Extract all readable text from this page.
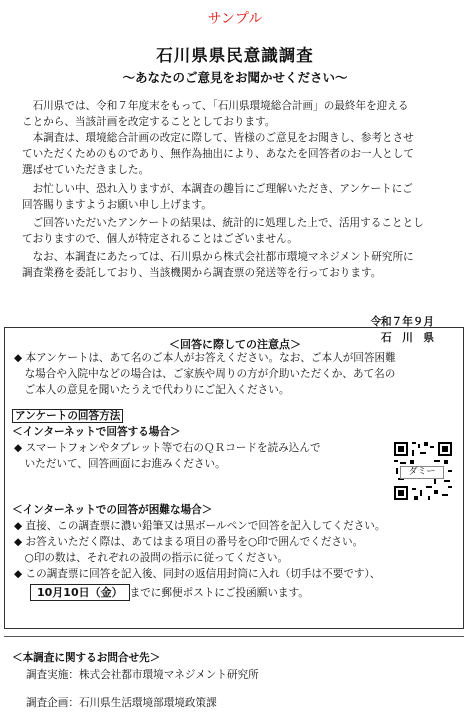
サンプル
石川県県民意識調査
～あなたのご意見をお聞かせください～
　石川県では、令和７年度末をもって、「石川県環境総合計画」の最終年を迎える
ことから、当該計画を改定することとしております。
　本調査は、環境総合計画の改定に際して、皆様のご意見をお聞きし、参考とさせ
ていただくためのものであり、無作為抽出により、あなたを回答者のお一人として
選ばせていただきました。
　お忙しい中、恐れ入りますが、本調査の趣旨にご理解いただき、アンケートにご
回答賜りますようお願い申し上げます。
　ご回答いただいたアンケートの結果は、統計的に処理した上で、活用することとし
ておりますので、個人が特定されることはございません。
　なお、本調査にあたっては、石川県から株式会社都市環境マネジメント研究所に
調査業務を委託しており、当該機関から調査票の発送等を行っております。
令和７年９月
石　川　県
＜回答に際しての注意点＞
◆ 本アンケートは、あて名のご本人がお答えください。なお、ご本人が回答困難
　な場合や入院中などの場合は、ご家族や周りの方が介助いただくか、あて名の
　ご本人の意見を聞いたうえで代わりにご記入ください。
アンケートの回答方法
＜インターネットで回答する場合＞
◆ スマートフォンやタブレット等で右のＱＲコードを読み込んで
　いただいて、回答画面にお進みください。
ダミー
＜インターネットでの回答が困難な場合＞
◆ 直接、この調査票に濃い鉛筆又は黒ボールペンで回答を記入してください。
◆ お答えいただく際は、あてはまる項目の番号を○印で囲んでください。
　○印の数は、それぞれの設問の指示に従ってください。
◆ この調査票に回答を記入後、同封の返信用封筒に入れ（切手は不要です）、
10月10日（金） までに郵便ポストにご投函願います。
＜本調査に関するお問合せ先＞
調査実施：株式会社都市環境マネジメント研究所
調査企画：石川県生活環境部環境政策課
